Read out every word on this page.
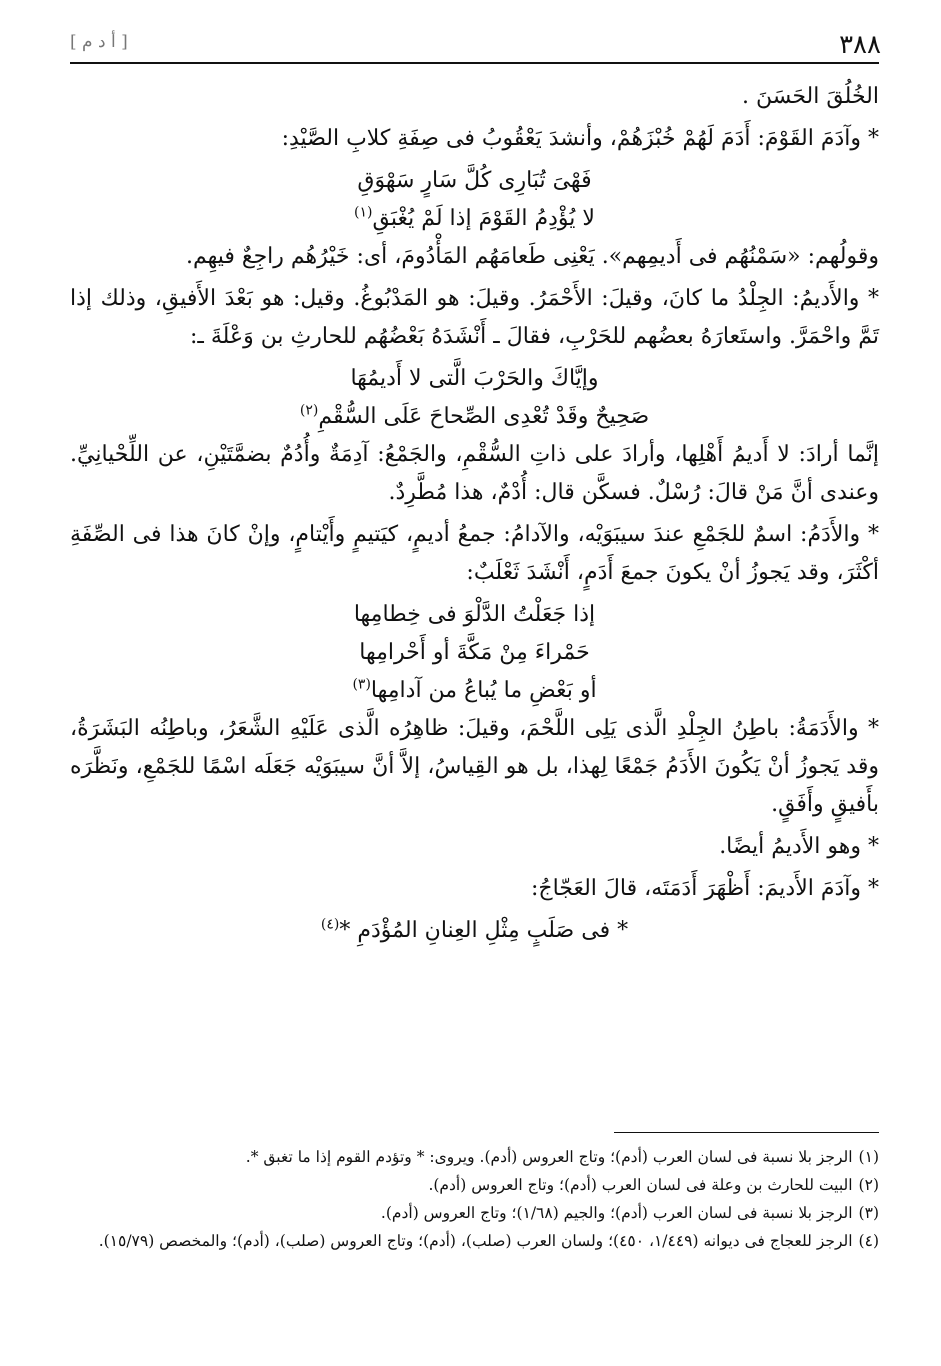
٣٨٨
[ أ د م ]

الخُلُقَ الحَسَنَ .

* وآدَمَ القَوْمَ: أَدَمَ لَهُمْ خُبْزَهُمْ، وأنشدَ يَعْقُوبُ فى صِفَةِ كلابِ الصَّيْدِ:

فَهْىَ تُبَارِى كُلَّ سَارٍ سَهْوَقِ

لا يُؤْدِمُ القَوْمَ إذا لَمْ يُغْبَقِ$^{(١)}$

وقولُهم: «سَمْنُهُم فى أَديمِهم». يَعْنِى طَعامَهُم المَأْدُومَ، أى: خَيْرُهُم راجِعٌ فيهِم.

* والأَديمُ: الجِلْدُ ما كانَ، وقيلَ: الأَحْمَرُ. وقيلَ: هو المَدْبُوغُ. وقيل: هو بَعْدَ الأَفيقِ، وذلك إذا تَمَّ واحْمَرَّ. واستَعارَهُ بعضُهم للحَرْبِ، فقالَ ـ أَنْشَدَهُ بَعْضُهُم للحارثِ بن وَعْلَةَ ـ:

وإيَّاكَ والحَرْبَ الَّتى لا أَديمُهَا

صَحِيحٌ وقَدْ تُعْدِى الصِّحاحَ عَلَى السُّقْمِ$^{(٢)}$

إنَّما أرادَ: لا أَديمُ أَهْلِها، وأرادَ على ذاتِ السُّقْمِ، والجَمْعُ: آدِمَةٌ وأُدُمٌ بضمَّتَيْنِ، عن اللِّحْيانِيِّ. وعندى أنَّ مَنْ قالَ: رُسْلٌ. فسكَّن قال: أُدْمٌ، هذا مُطَّرِدٌ.

* والأَدَمُ: اسمٌ للجَمْعِ عندَ سيبَوَيْه، والآدامُ: جمعُ أديمٍ، كيَتيمٍ وأَيْتامٍ، وإنْ كانَ هذا فى الصِّفَةِ أكْثَرَ، وقد يَجوزُ أنْ يكونَ جمعَ أَدَمٍ، أَنْشَدَ ثَعْلَبٌ:

إذا جَعَلْتُ الدَّلْوَ فى خِطامِها

حَمْراءَ مِنْ مَكَّةَ أو أَحْرامِها

أو بَعْضِ ما يُباعُ من آدامِها$^{(٣)}$

* والأَدَمَةُ: باطِنُ الجِلْدِ الَّذى يَلِى اللَّحْمَ، وقيلَ: ظاهِرُه الَّذى عَلَيْهِ الشَّعَرُ، وباطِنُه البَشَرَةُ، وقد يَجوزُ أنْ يَكُونَ الأَدَمُ جَمْعًا لِهذا، بل هو القِياسُ، إلاَّ أنَّ سيبَوَيْه جَعَلَه اسْمًا للجَمْعِ، ونَظَّرَه بأَفيقٍ وأَفَقٍ.

* وهو الأَديمُ أيضًا.

* وآدَمَ الأَديمَ: أَظْهَرَ أَدَمَتَه، قالَ العَجّاجُ:

* فى صَلَبٍ مِثْلِ العِنانِ المُؤْدَمِ *$^{(٤)}$

(١)الرجز بلا نسبة فى لسان العرب (أدم)؛ وتاج العروس (أدم). ويروى: * وتؤدم القوم إذا ما تغبق *.

(٢)البيت للحارث بن وعلة فى لسان العرب (أدم)؛ وتاج العروس (أدم).

(٣)الرجز بلا نسبة فى لسان العرب (أدم)؛ والجيم (١/٦٨)؛ وتاج العروس (أدم).

(٤)الرجز للعجاج فى ديوانه (١/٤٤٩، ٤٥٠)؛ ولسان العرب (صلب)، (أدم)؛ وتاج العروس (صلب)، (أدم)؛ والمخصص (١٥/٧٩).
